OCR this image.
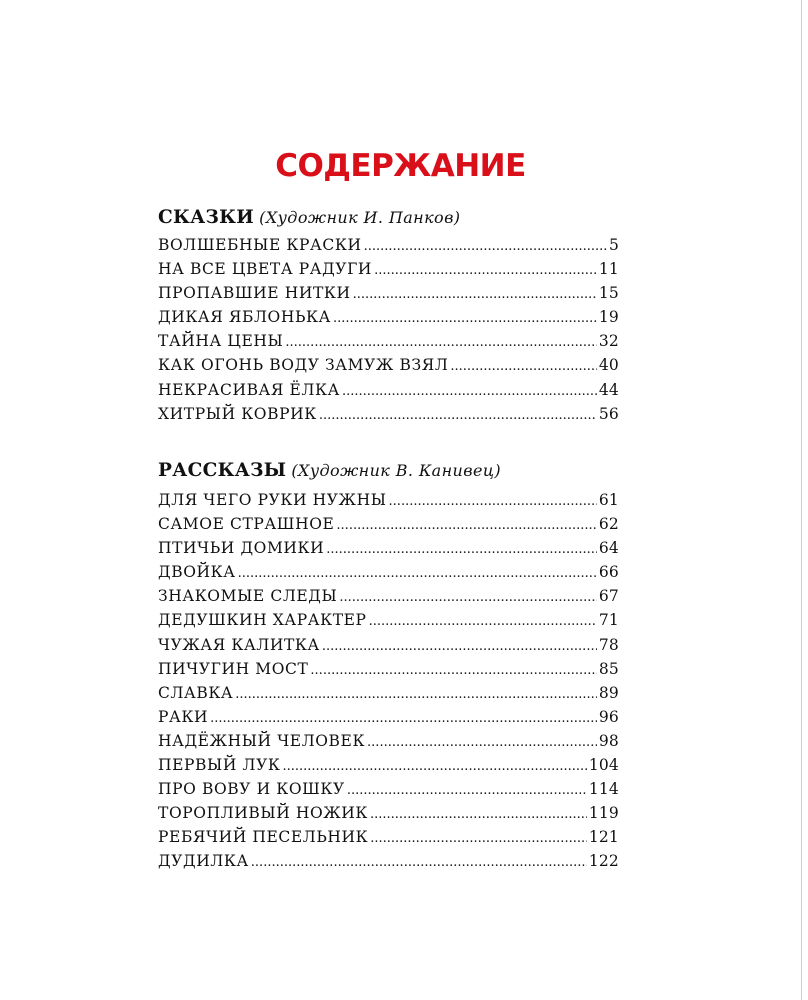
СОДЕРЖАНИЕ
СКАЗКИ (Художник И. Панков)
ВОЛШЕБНЫЕ КРАСКИ .....	5
НА ВСЕ ЦВЕТА РАДУГИ .....	11
ПРОПАВШИЕ НИТКИ .....	15
ДИКАЯ ЯБЛОНЬКА .....	19
ТАЙНА ЦЕНЫ .....	32
КАК ОГОНЬ ВОДУ ЗАМУЖ ВЗЯЛ .....	40
НЕКРАСИВАЯ ЁЛКА .....	44
ХИТРЫЙ КОВРИК .....	56
РАССКАЗЫ (Художник В. Канивец)
ДЛЯ ЧЕГО РУКИ НУЖНЫ .....	61
САМОЕ СТРАШНОЕ .....	62
ПТИЧЬИ ДОМИКИ .....	64
ДВОЙКА .....	66
ЗНАКОМЫЕ СЛЕДЫ .....	67
ДЕДУШКИН ХАРАКТЕР .....	71
ЧУЖАЯ КАЛИТКА .....	78
ПИЧУГИН МОСТ .....	85
СЛАВКА .....	89
РАКИ .....	96
НАДЁЖНЫЙ ЧЕЛОВЕК .....	98
ПЕРВЫЙ ЛУК .....	104
ПРО ВОВУ И КОШКУ .....	114
ТОРОПЛИВЫЙ НОЖИК .....	119
РЕБЯЧИЙ ПЕСЕЛЬНИК .....	121
ДУДИЛКА .....	122
